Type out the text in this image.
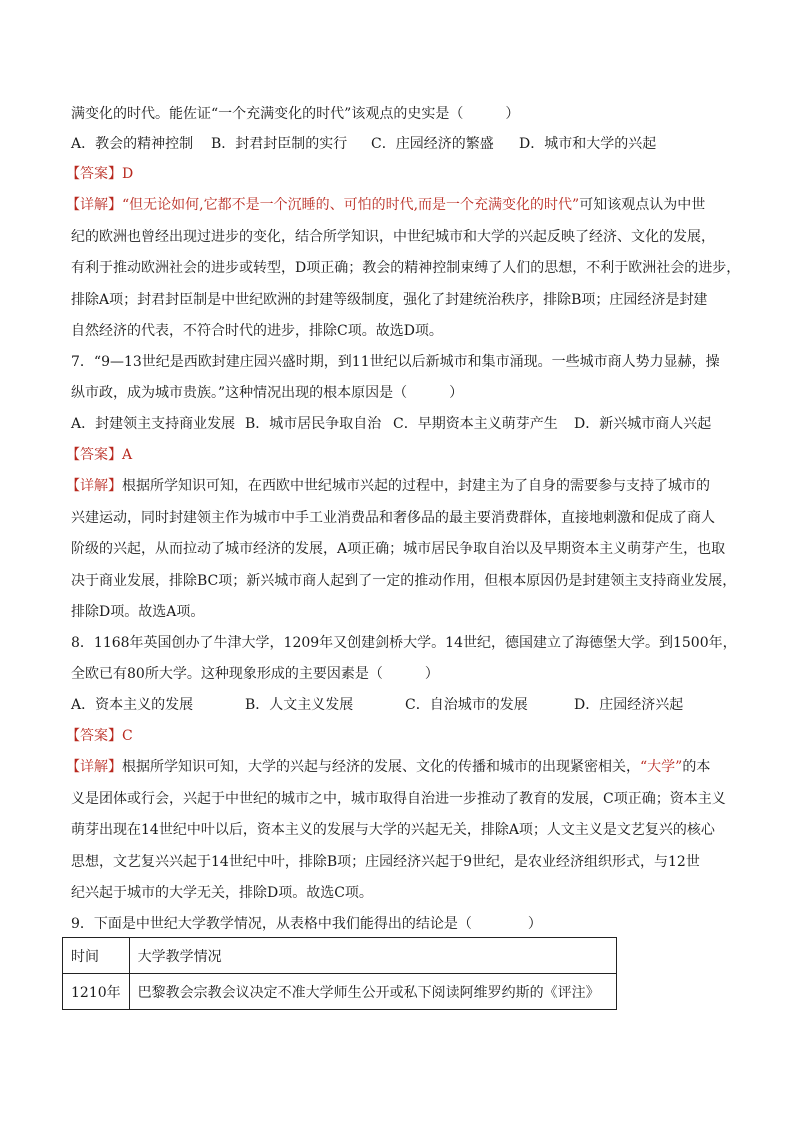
满变化的时代。能佐证“一个充满变化的时代”该观点的史实是（　　　）
A．教会的精神控制 B．封君封臣制的实行 C．庄园经济的繁盛 D．城市和大学的兴起
【答案】D
【详解】“但无论如何,它都不是一个沉睡的、可怕的时代,而是一个充满变化的时代”可知该观点认为中世
纪的欧洲也曾经出现过进步的变化，结合所学知识，中世纪城市和大学的兴起反映了经济、文化的发展，
有利于推动欧洲社会的进步或转型，D项正确；教会的精神控制束缚了人们的思想，不利于欧洲社会的进步，
排除A项；封君封臣制是中世纪欧洲的封建等级制度，强化了封建统治秩序，排除B项；庄园经济是封建
自然经济的代表，不符合时代的进步，排除C项。故选D项。
7．“9—13世纪是西欧封建庄园兴盛时期，到11世纪以后新城市和集市涌现。一些城市商人势力显赫，操
纵市政，成为城市贵族。”这种情况出现的根本原因是（　　　）
A．封建领主支持商业发展 B．城市居民争取自治 C．早期资本主义萌芽产生 D．新兴城市商人兴起
【答案】A
【详解】根据所学知识可知，在西欧中世纪城市兴起的过程中，封建主为了自身的需要参与支持了城市的
兴建运动，同时封建领主作为城市中手工业消费品和奢侈品的最主要消费群体，直接地刺激和促成了商人
阶级的兴起，从而拉动了城市经济的发展，A项正确；城市居民争取自治以及早期资本主义萌芽产生，也取
决于商业发展，排除BC项；新兴城市商人起到了一定的推动作用，但根本原因仍是封建领主支持商业发展，
排除D项。故选A项。
8．1168年英国创办了牛津大学，1209年又创建剑桥大学。14世纪，德国建立了海德堡大学。到1500年，
全欧已有80所大学。这种现象形成的主要因素是（　　　）
A．资本主义的发展	B．人文主义发展	C．自治城市的发展	D．庄园经济兴起
【答案】C
【详解】根据所学知识可知，大学的兴起与经济的发展、文化的传播和城市的出现紧密相关，“大学”的本
义是团体或行会，兴起于中世纪的城市之中，城市取得自治进一步推动了教育的发展，C项正确；资本主义
萌芽出现在14世纪中叶以后，资本主义的发展与大学的兴起无关，排除A项；人文主义是文艺复兴的核心
思想，文艺复兴兴起于14世纪中叶，排除B项；庄园经济兴起于9世纪，是农业经济组织形式，与12世
纪兴起于城市的大学无关，排除D项。故选C项。
9．下面是中世纪大学教学情况，从表格中我们能得出的结论是（　　　　）
时间	大学教学情况
1210年	巴黎教会宗教会议决定不准大学师生公开或私下阅读阿维罗约斯的《评注》
